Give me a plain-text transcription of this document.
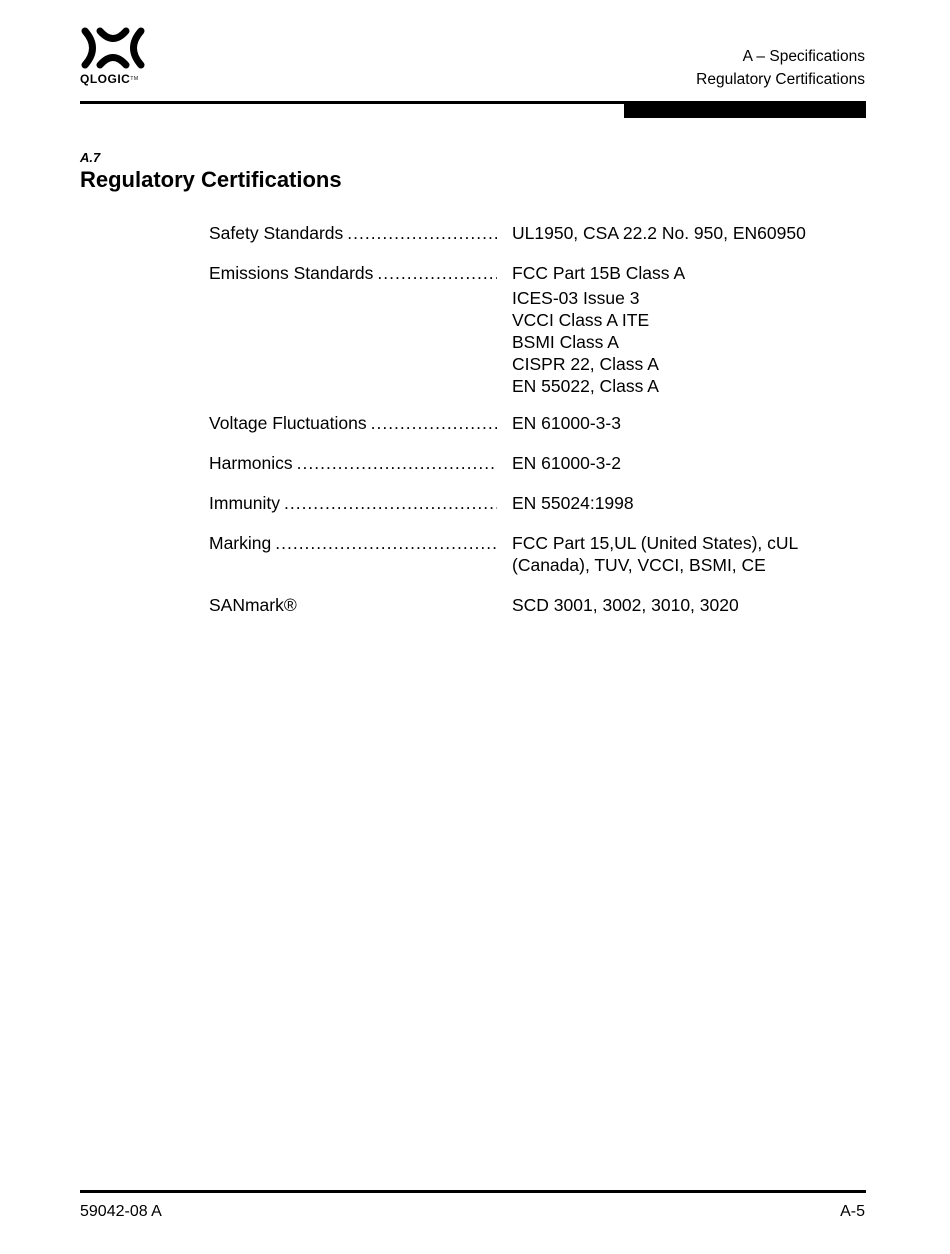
QLOGIC™
A – Specifications
Regulatory Certifications
A.7
Regulatory Certifications
Safety Standards .....	UL1950, CSA 22.2 No. 950, EN60950
Emissions Standards .....	FCC Part 15B Class A
ICES-03 Issue 3
VCCI Class A ITE
BSMI Class A
CISPR 22, Class A
EN 55022, Class A
Voltage Fluctuations .....	EN 61000-3-3
Harmonics .....	EN 61000-3-2
Immunity .....	EN 55024:1998
Marking .....	FCC Part 15,UL (United States), cUL (Canada), TUV, VCCI, BSMI, CE
SANmark®	SCD 3001, 3002, 3010, 3020
59042-08 A	A-5
